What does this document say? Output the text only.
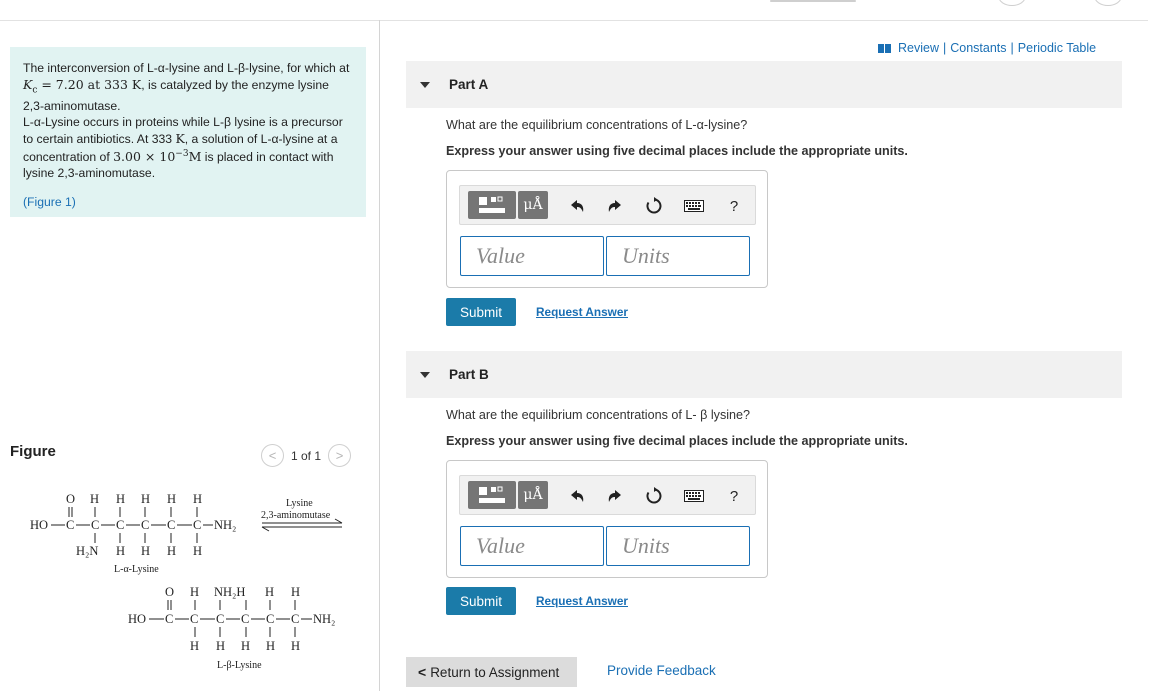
The interconversion of L-α-lysine and L-β-lysine, for which at $K_c = 7.20$ at 333 K, is catalyzed by the enzyme lysine 2,3-aminomutase.

L-α-Lysine occurs in proteins while L-β lysine is a precursor to certain antibiotics. At 333 K, a solution of L-α-lysine at a concentration of $3.00 \times 10^{-3}M$ is placed in contact with lysine 2,3-aminomutase.

(Figure 1)

Figure	< 1 of 1 >
O H H H H H
HO C C C C C C NH₂
H₂N H H H H
L-α-Lysine
Lysine
2,3-aminomutase
O H NH₂H H H
HO C C C C C C NH₂
H H H H H
L-β-Lysine
Review | Constants | Periodic Table
Part A
What are the equilibrium concentrations of L-α-lysine?
Express your answer using five decimal places include the appropriate units.
μÅ	?
Value
Units
Submit	Request Answer
Part B
What are the equilibrium concentrations of L- β lysine?
Express your answer using five decimal places include the appropriate units.
μÅ	?
Value
Units
Submit	Request Answer
< Return to Assignment	Provide Feedback
